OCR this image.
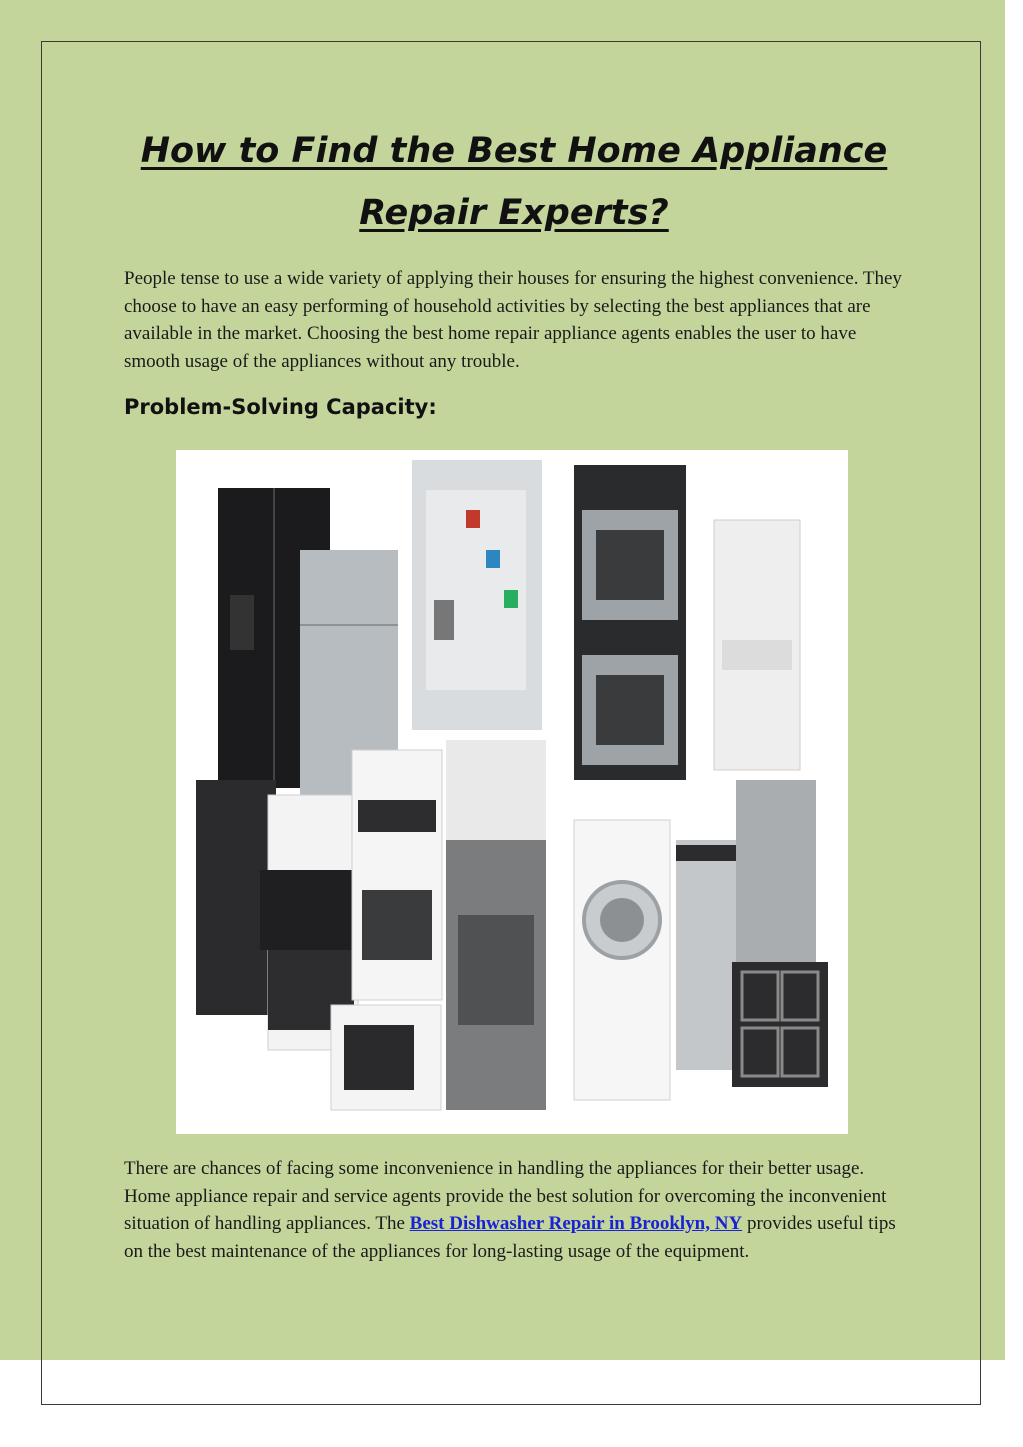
How to Find the Best Home Appliance Repair Experts?

People tense to use a wide variety of applying their houses for ensuring the highest convenience. They choose to have an easy performing of household activities by selecting the best appliances that are available in the market. Choosing the best home repair appliance agents enables the user to have smooth usage of the appliances without any trouble.

Problem-Solving Capacity:

There are chances of facing some inconvenience in handling the appliances for their better usage. Home appliance repair and service agents provide the best solution for overcoming the inconvenient situation of handling appliances. The Best Dishwasher Repair in Brooklyn, NY provides useful tips on the best maintenance of the appliances for long-lasting usage of the equipment.
